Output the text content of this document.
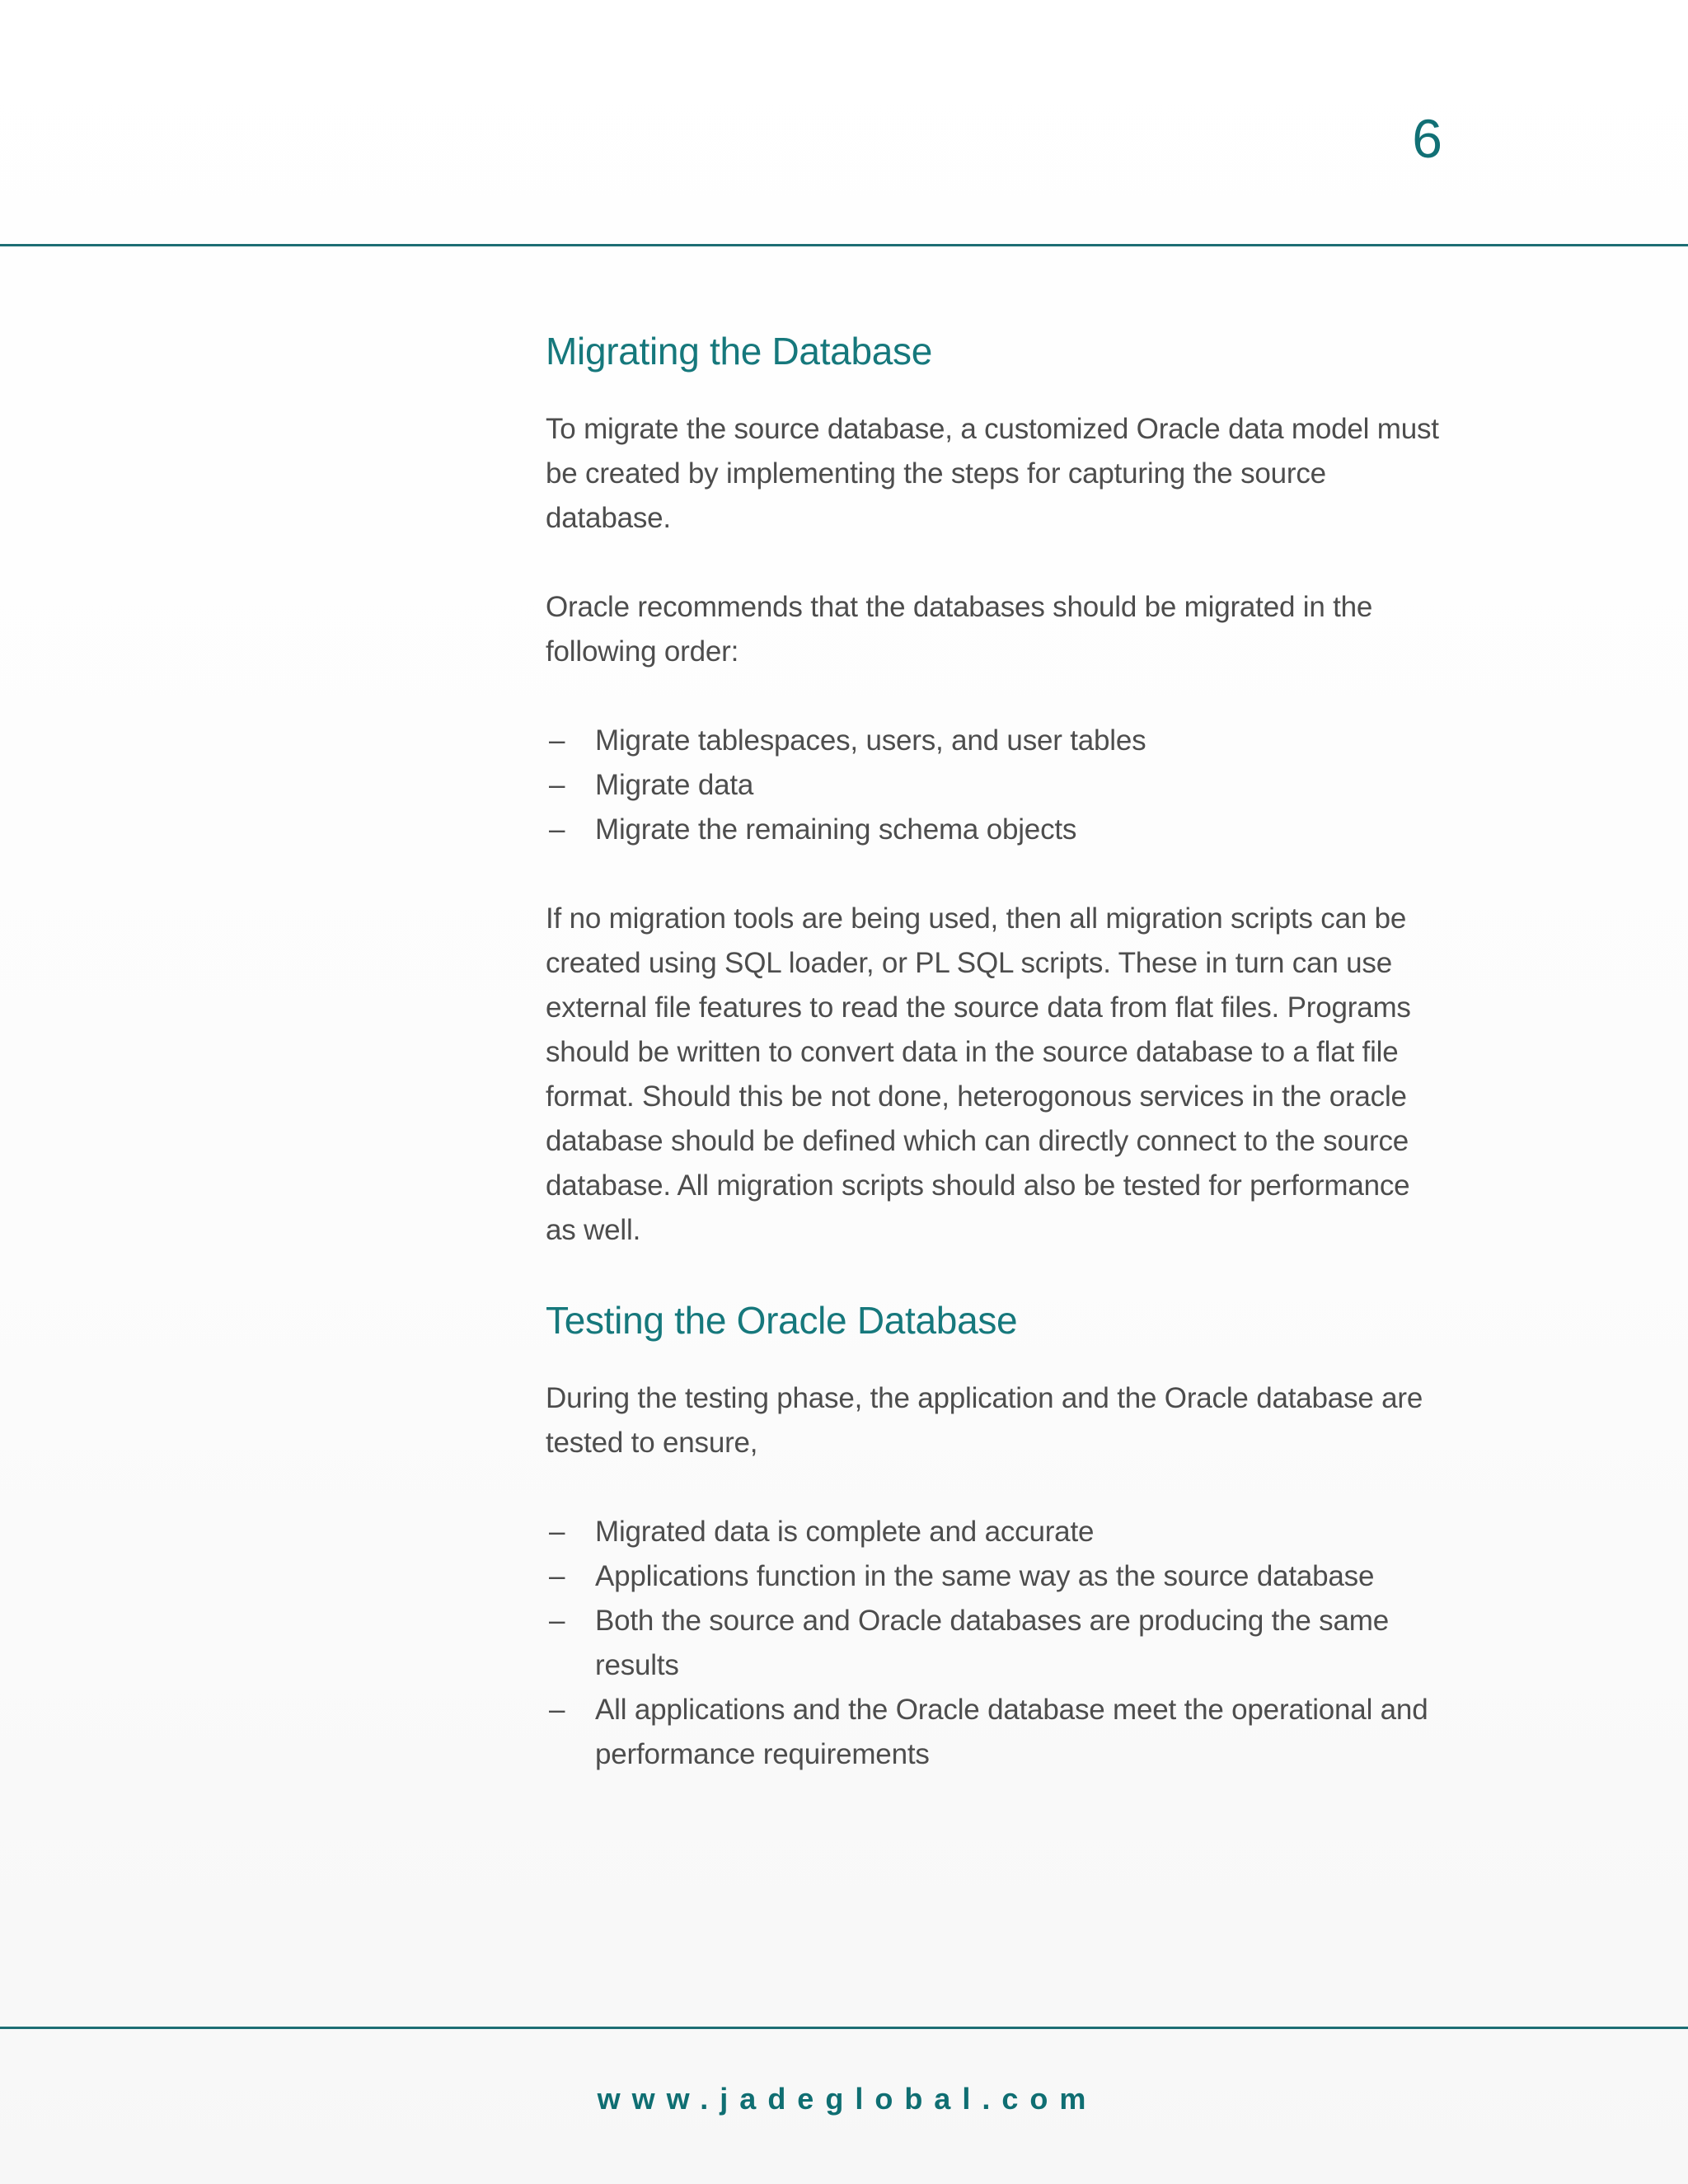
6
Migrating the Database

To migrate the source database, a customized Oracle data model must be created by implementing the steps for capturing the source database.

Oracle recommends that the databases should be migrated in the following order:

– Migrate tablespaces, users, and user tables
– Migrate data
– Migrate the remaining schema objects

If no migration tools are being used, then all migration scripts can be created using SQL loader, or PL SQL scripts. These in turn can use external file features to read the source data from flat files. Programs should be written to convert data in the source database to a flat file format. Should this be not done, heterogonous services in the oracle database should be defined which can directly connect to the source database. All migration scripts should also be tested for performance as well.

Testing the Oracle Database

During the testing phase, the application and the Oracle database are tested to ensure,

– Migrated data is complete and accurate
– Applications function in the same way as the source database
– Both the source and Oracle databases are producing the same results
– All applications and the Oracle database meet the operational and performance requirements
www.jadeglobal.com
